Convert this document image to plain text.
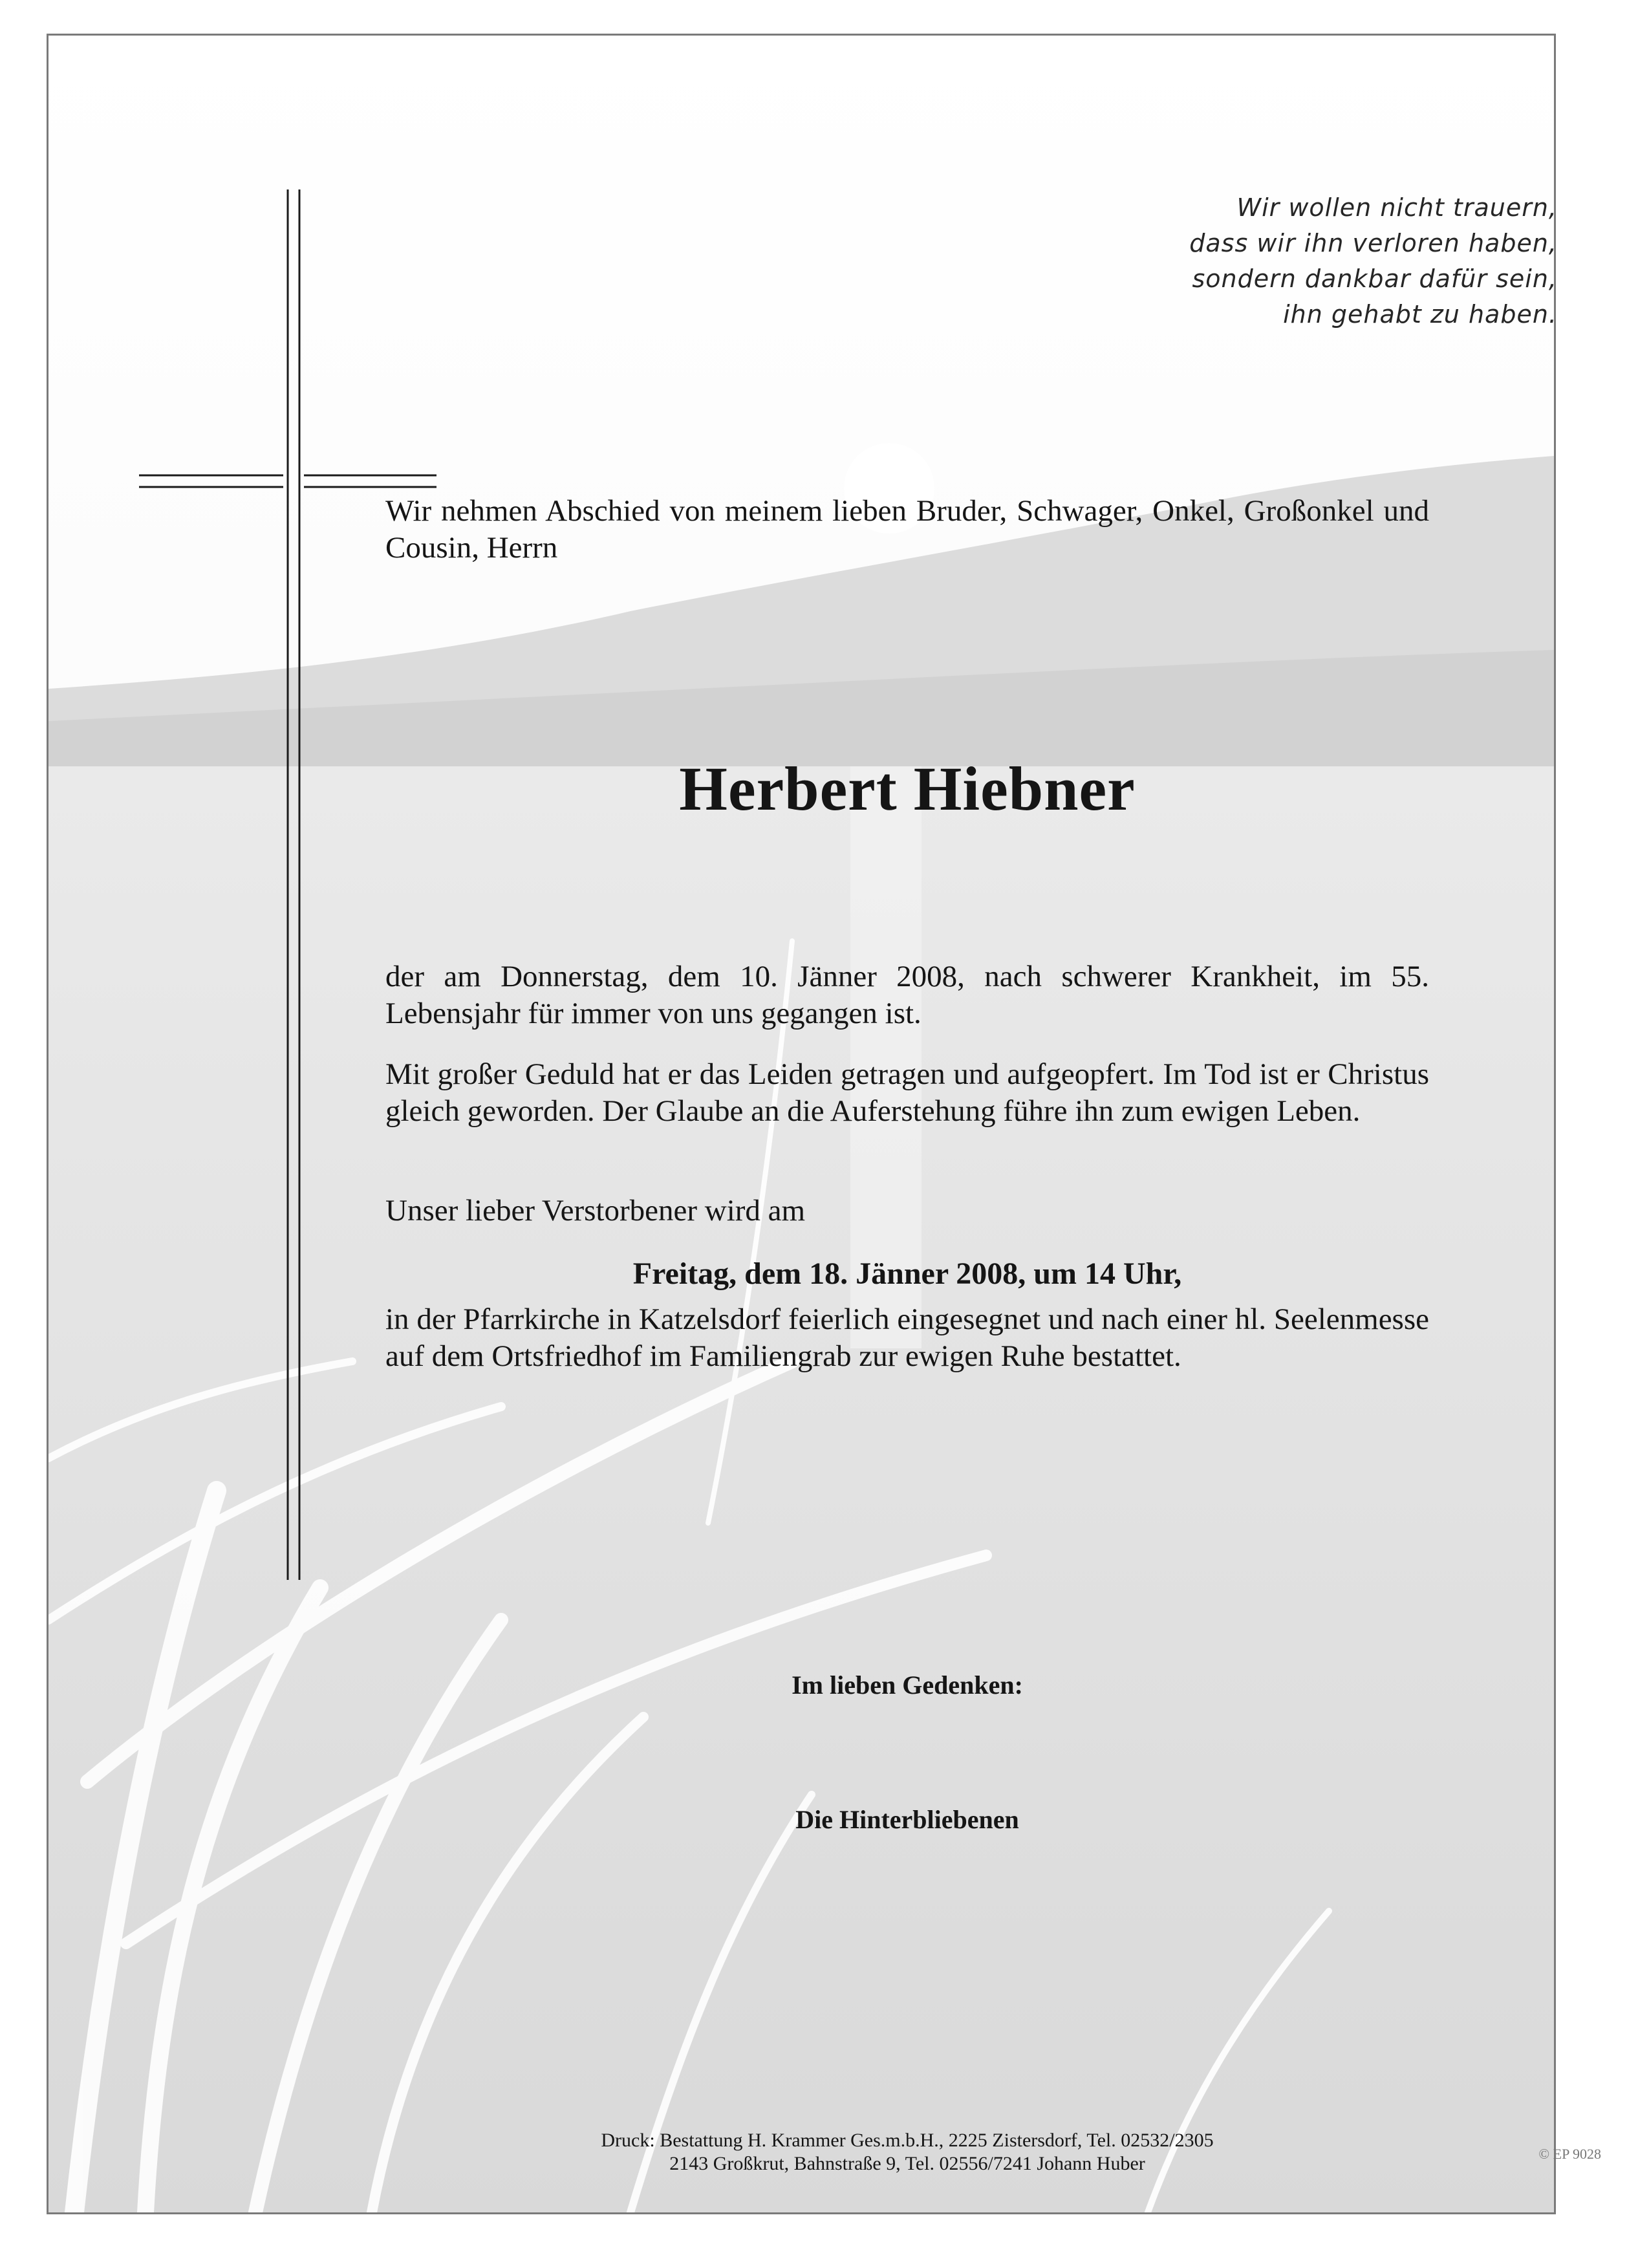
Wir wollen nicht trauern,
dass wir ihn verloren haben,
sondern dankbar dafür sein,
ihn gehabt zu haben.
Wir nehmen Abschied von meinem lieben Bruder, Schwager, Onkel, Großonkel und Cousin, Herrn
Herbert Hiebner
der am Donnerstag, dem 10. Jänner 2008, nach schwerer Krankheit, im 55. Lebensjahr für immer von uns gegangen ist.
Mit großer Geduld hat er das Leiden getragen und aufgeopfert. Im Tod ist er Christus gleich geworden. Der Glaube an die Auferstehung führe ihn zum ewigen Leben.
Unser lieber Verstorbener wird am
Freitag, dem 18. Jänner 2008, um 14 Uhr,
in der Pfarrkirche in Katzelsdorf feierlich eingesegnet und nach einer hl. Seelenmesse auf dem Ortsfriedhof im Familiengrab zur ewigen Ruhe bestattet.
Im lieben Gedenken:
Die Hinterbliebenen
Druck: Bestattung H. Krammer Ges.m.b.H., 2225 Zistersdorf, Tel. 02532/2305
2143 Großkrut, Bahnstraße 9, Tel. 02556/7241 Johann Huber	© EP 9028
